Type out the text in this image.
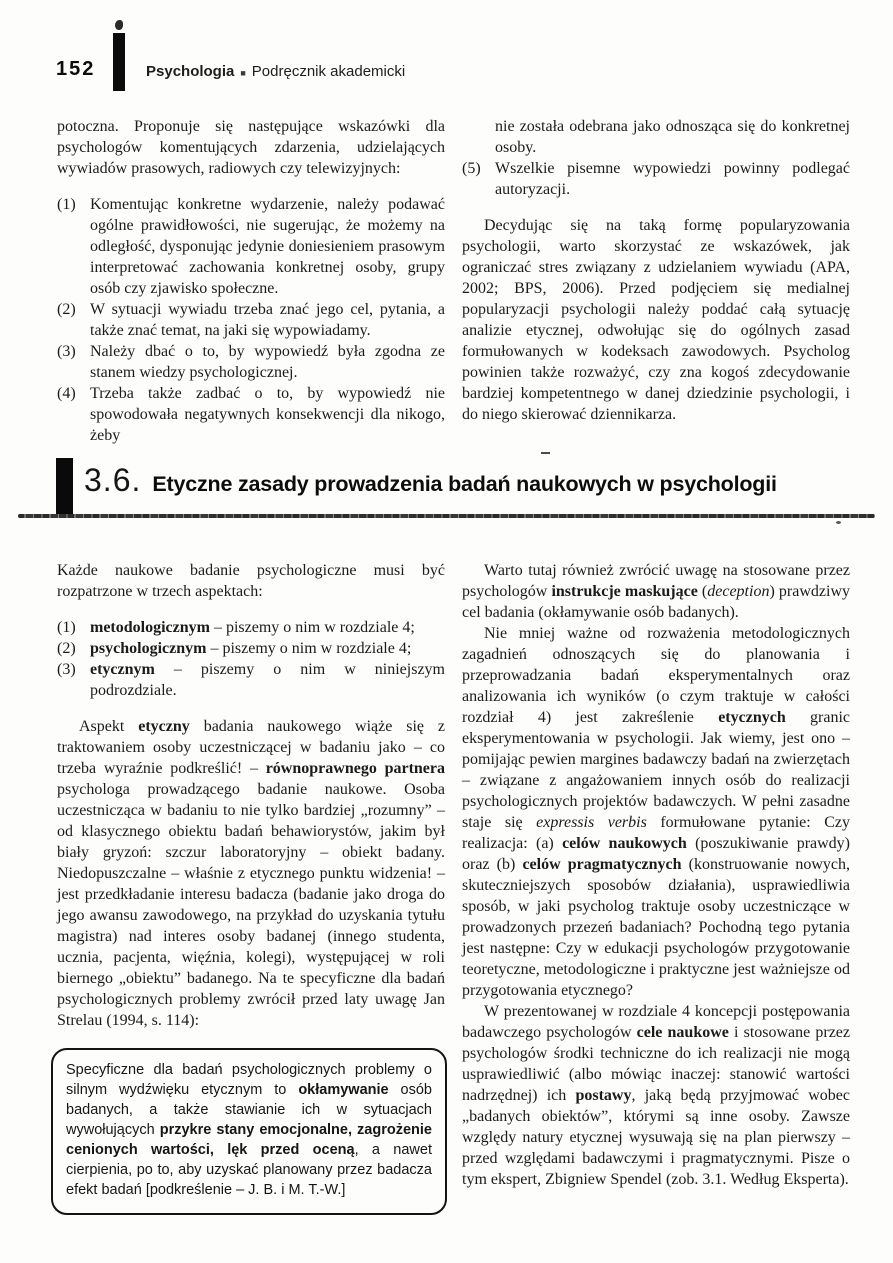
152	Psychologia ■ Podręcznik akademicki
potoczna. Proponuje się następujące wskazówki dla psychologów komentujących zdarzenia, udzielających wywiadów prasowych, radiowych czy telewizyjnych:
(1) Komentując konkretne wydarzenie, należy podawać ogólne prawidłowości, nie sugerując, że możemy na odległość, dysponując jedynie doniesieniem prasowym interpretować zachowania konkretnej osoby, grupy osób czy zjawisko społeczne.
(2) W sytuacji wywiadu trzeba znać jego cel, pytania, a także znać temat, na jaki się wypowiadamy.
(3) Należy dbać o to, by wypowiedź była zgodna ze stanem wiedzy psychologicznej.
(4) Trzeba także zadbać o to, by wypowiedź nie spowodowała negatywnych konsekwencji dla nikogo, żeby
nie została odebrana jako odnosząca się do konkretnej osoby.
(5) Wszelkie pisemne wypowiedzi powinny podlegać autoryzacji.
Decydując się na taką formę popularyzowania psychologii, warto skorzystać ze wskazówek, jak ograniczać stres związany z udzielaniem wywiadu (APA, 2002; BPS, 2006). Przed podjęciem się medialnej popularyzacji psychologii należy poddać całą sytuację analizie etycznej, odwołując się do ogólnych zasad formułowanych w kodeksach zawodowych. Psycholog powinien także rozważyć, czy zna kogoś zdecydowanie bardziej kompetentnego w danej dziedzinie psychologii, i do niego skierować dziennikarza.
3.6. Etyczne zasady prowadzenia badań naukowych w psychologii
Każde naukowe badanie psychologiczne musi być rozpatrzone w trzech aspektach:
(1) metodologicznym – piszemy o nim w rozdziale 4;
(2) psychologicznym – piszemy o nim w rozdziale 4;
(3) etycznym – piszemy o nim w niniejszym podrozdziale.
Aspekt etyczny badania naukowego wiąże się z traktowaniem osoby uczestniczącej w badaniu jako – co trzeba wyraźnie podkreślić! – równoprawnego partnera psychologa prowadzącego badanie naukowe. Osoba uczestnicząca w badaniu to nie tylko bardziej „rozumny” – od klasycznego obiektu badań behawiorystów, jakim był biały gryzoń: szczur laboratoryjny – obiekt badany. Niedopuszczalne – właśnie z etycznego punktu widzenia! – jest przedkładanie interesu badacza (badanie jako droga do jego awansu zawodowego, na przykład do uzyskania tytułu magistra) nad interes osoby badanej (innego studenta, ucznia, pacjenta, więźnia, kolegi), występującej w roli biernego „obiektu” badanego. Na te specyficzne dla badań psychologicznych problemy zwrócił przed laty uwagę Jan Strelau (1994, s. 114):
Specyficzne dla badań psychologicznych problemy o silnym wydźwięku etycznym to okłamywanie osób badanych, a także stawianie ich w sytuacjach wywołujących przykre stany emocjonalne, zagrożenie cenionych wartości, lęk przed oceną, a nawet cierpienia, po to, aby uzyskać planowany przez badacza efekt badań [podkreślenie – J. B. i M. T.-W.]
Warto tutaj również zwrócić uwagę na stosowane przez psychologów instrukcje maskujące (deception) prawdziwy cel badania (okłamywanie osób badanych).
Nie mniej ważne od rozważenia metodologicznych zagadnień odnoszących się do planowania i przeprowadzania badań eksperymentalnych oraz analizowania ich wyników (o czym traktuje w całości rozdział 4) jest zakreślenie etycznych granic eksperymentowania w psychologii. Jak wiemy, jest ono – pomijając pewien margines badawczy badań na zwierzętach – związane z angażowaniem innych osób do realizacji psychologicznych projektów badawczych. W pełni zasadne staje się expressis verbis formułowane pytanie: Czy realizacja: (a) celów naukowych (poszukiwanie prawdy) oraz (b) celów pragmatycznych (konstruowanie nowych, skuteczniejszych sposobów działania), usprawiedliwia sposób, w jaki psycholog traktuje osoby uczestniczące w prowadzonych przezeń badaniach? Pochodną tego pytania jest następne: Czy w edukacji psychologów przygotowanie teoretyczne, metodologiczne i praktyczne jest ważniejsze od przygotowania etycznego?
W prezentowanej w rozdziale 4 koncepcji postępowania badawczego psychologów cele naukowe i stosowane przez psychologów środki techniczne do ich realizacji nie mogą usprawiedliwić (albo mówiąc inaczej: stanowić wartości nadrzędnej) ich postawy, jaką będą przyjmować wobec „badanych obiektów”, którymi są inne osoby. Zawsze względy natury etycznej wysuwają się na plan pierwszy – przed względami badawczymi i pragmatycznymi. Pisze o tym ekspert, Zbigniew Spendel (zob. 3.1. Według Eksperta).
